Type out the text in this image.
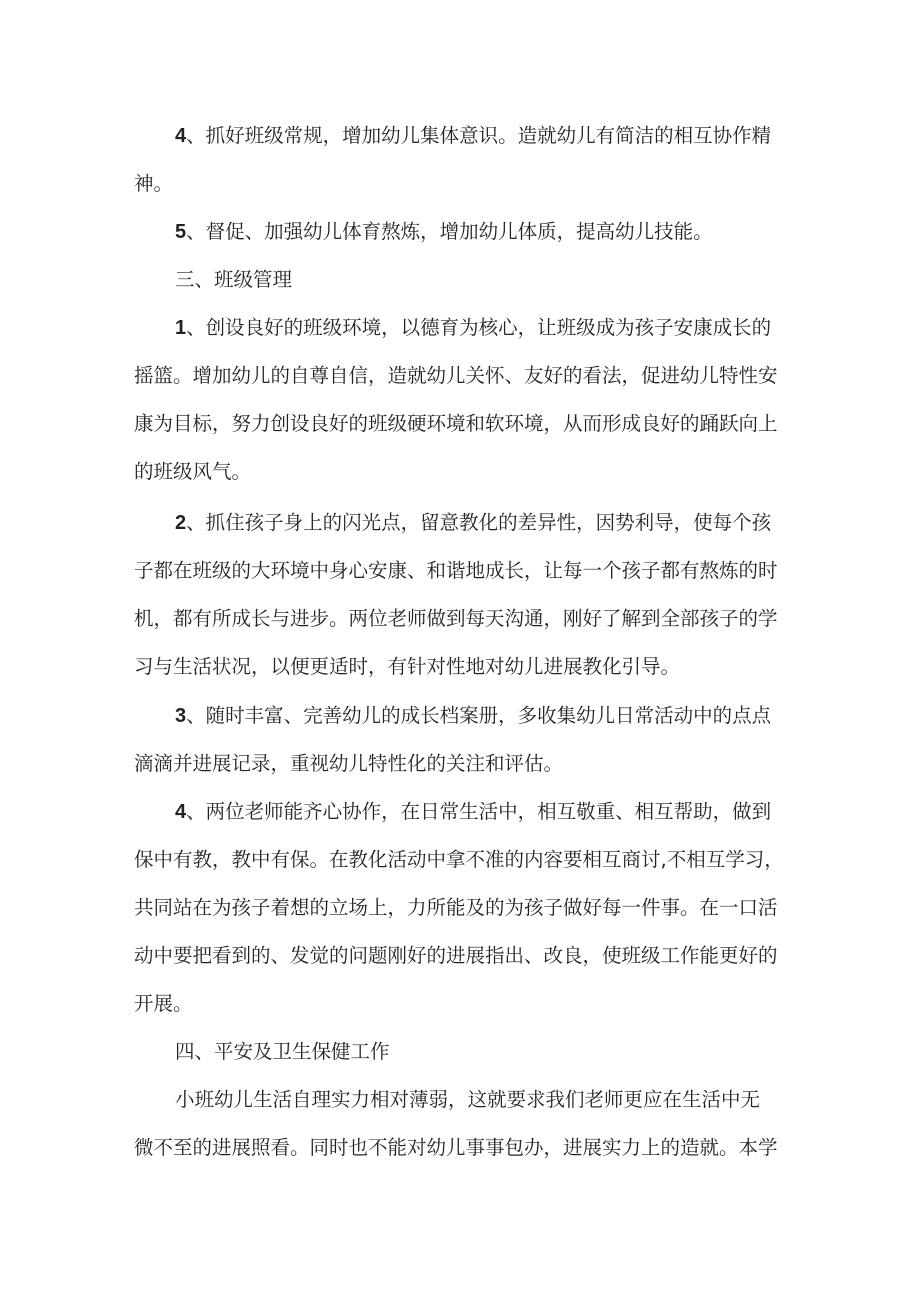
4、抓好班级常规，增加幼儿集体意识。造就幼儿有简洁的相互协作精
神。
5、督促、加强幼儿体育熬炼，增加幼儿体质，提高幼儿技能。
三、班级管理
1、创设良好的班级环境，以德育为核心，让班级成为孩子安康成长的
摇篮。增加幼儿的自尊自信，造就幼儿关怀、友好的看法，促进幼儿特性安
康为目标，努力创设良好的班级硬环境和软环境，从而形成良好的踊跃向上
的班级风气。
2、抓住孩子身上的闪光点，留意教化的差异性，因势利导，使每个孩
子都在班级的大环境中身心安康、和谐地成长，让每一个孩子都有熬炼的时
机，都有所成长与进步。两位老师做到每天沟通，刚好了解到全部孩子的学
习与生活状况，以便更适时，有针对性地对幼儿进展教化引导。
3、随时丰富、完善幼儿的成长档案册，多收集幼儿日常活动中的点点
滴滴并进展记录，重视幼儿特性化的关注和评估。
4、两位老师能齐心协作，在日常生活中，相互敬重、相互帮助，做到
保中有教，教中有保。在教化活动中拿不准的内容要相互商讨,不相互学习，
共同站在为孩子着想的立场上，力所能及的为孩子做好每一件事。在一口活
动中要把看到的、发觉的问题刚好的进展指出、改良，使班级工作能更好的
开展。
四、平安及卫生保健工作
小班幼儿生活自理实力相对薄弱，这就要求我们老师更应在生活中无
微不至的进展照看。同时也不能对幼儿事事包办，进展实力上的造就。本学
